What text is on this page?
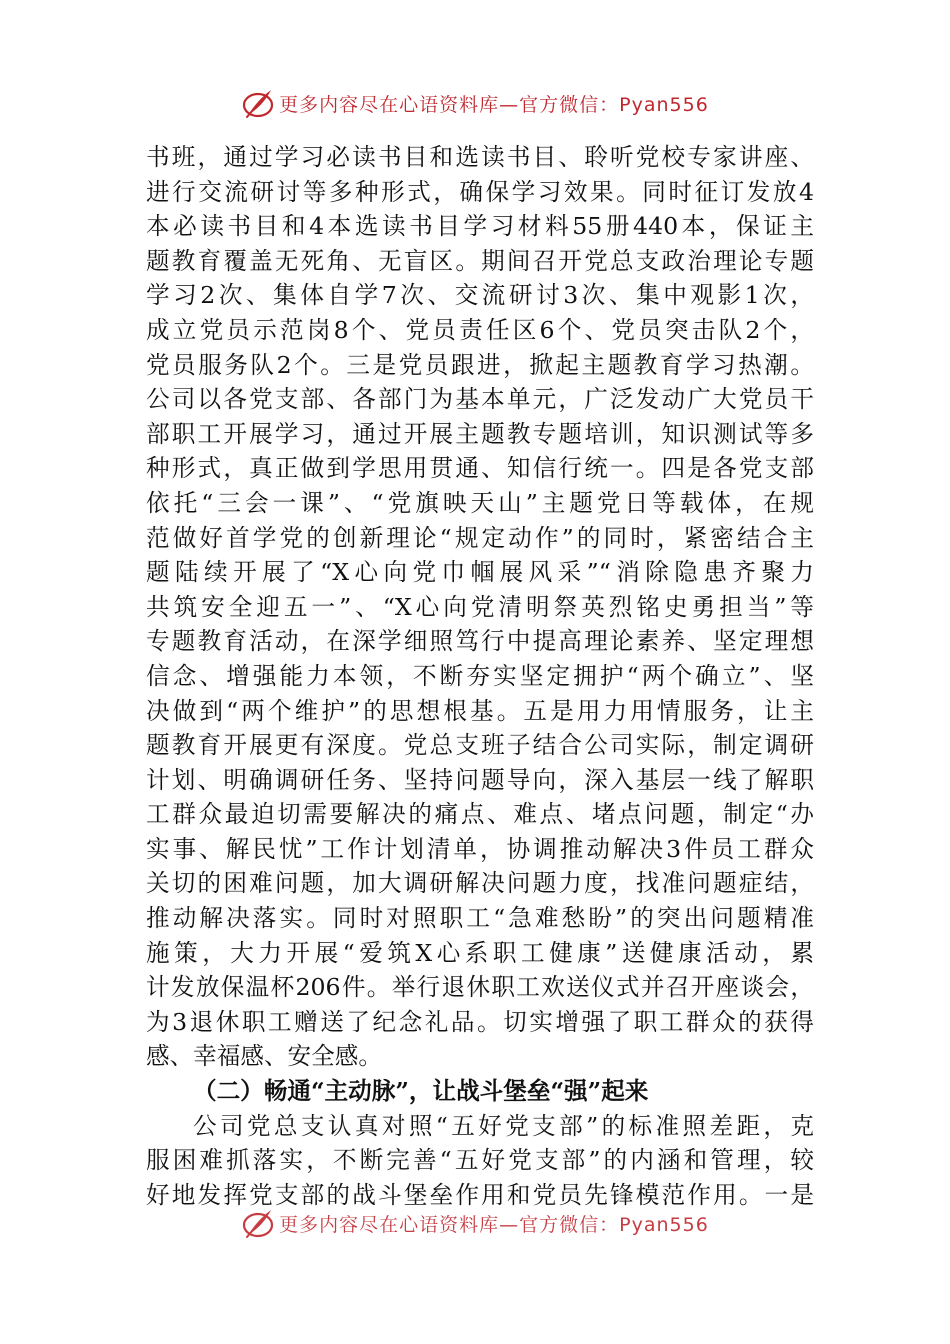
更多内容尽在心语资料库—官方微信：Pyan556
书班，通过学习必读书目和选读书目、聆听党校专家讲座、
进行交流研讨等多种形式，确保学习效果。同时征订发放4
本必读书目和4本选读书目学习材料55册440本，保证主
题教育覆盖无死角、无盲区。期间召开党总支政治理论专题
学习2次、集体自学7次、交流研讨3次、集中观影1次，
成立党员示范岗8个、党员责任区6个、党员突击队2个，
党员服务队2个。三是党员跟进，掀起主题教育学习热潮。
公司以各党支部、各部门为基本单元，广泛发动广大党员干
部职工开展学习，通过开展主题教专题培训，知识测试等多
种形式，真正做到学思用贯通、知信行统一。四是各党支部
依托“三会一课”、“党旗映天山”主题党日等载体，在规
范做好首学党的创新理论“规定动作”的同时，紧密结合主
题陆续开展了“X心向党巾帼展风采”“消除隐患齐聚力
共筑安全迎五一”、“X心向党清明祭英烈铭史勇担当”等
专题教育活动，在深学细照笃行中提高理论素养、坚定理想
信念、增强能力本领，不断夯实坚定拥护“两个确立”、坚
决做到“两个维护”的思想根基。五是用力用情服务，让主
题教育开展更有深度。党总支班子结合公司实际，制定调研
计划、明确调研任务、坚持问题导向，深入基层一线了解职
工群众最迫切需要解决的痛点、难点、堵点问题，制定“办
实事、解民忧”工作计划清单，协调推动解决3件员工群众
关切的困难问题，加大调研解决问题力度，找准问题症结，
推动解决落实。同时对照职工“急难愁盼”的突出问题精准
施策，大力开展“爱筑X心系职工健康”送健康活动，累
计发放保温杯206件。举行退休职工欢送仪式并召开座谈会，
为3退休职工赠送了纪念礼品。切实增强了职工群众的获得
感、幸福感、安全感。
（二）畅通“主动脉”，让战斗堡垒“强”起来
公司党总支认真对照“五好党支部”的标准照差距，克
服困难抓落实，不断完善“五好党支部”的内涵和管理，较
好地发挥党支部的战斗堡垒作用和党员先锋模范作用。一是
更多内容尽在心语资料库—官方微信：Pyan556
